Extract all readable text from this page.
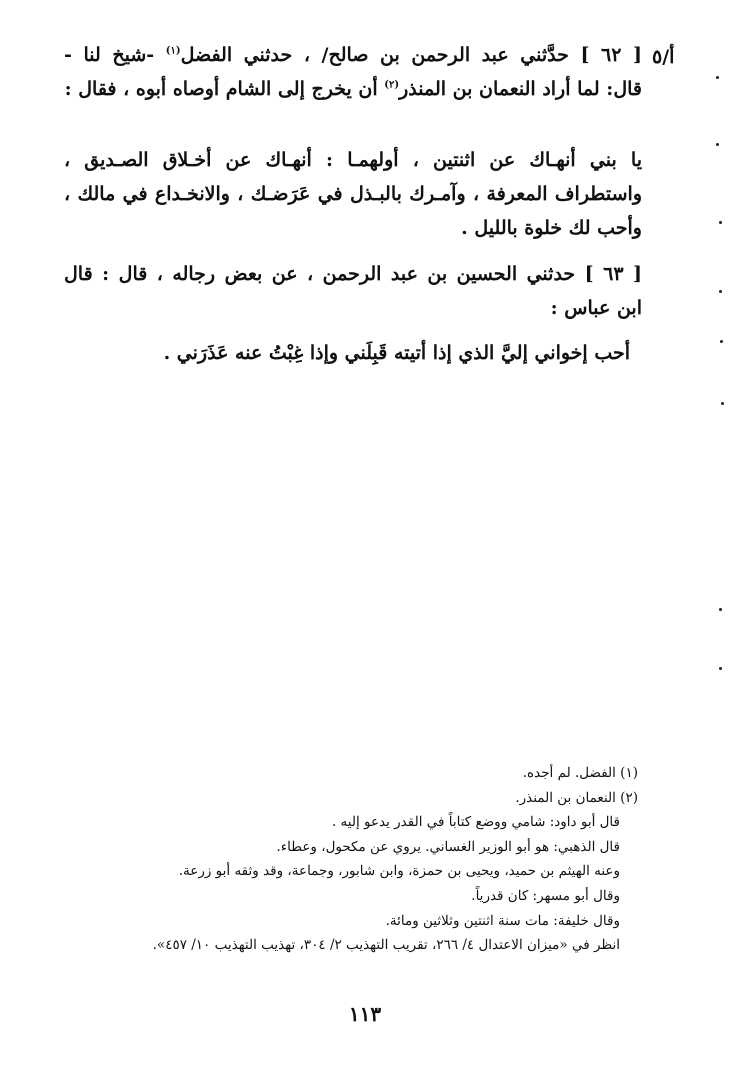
أ/٥
[ ٦٢ ] حدَّثني عبد الرحمن بن صالح/ ، حدثني الفضل$^{(١)}$ -شيخ لنا -
قال: لما أراد النعمان بن المنذر$^{(٢)}$ أن يخرج إلى الشام أوصاه أبوه ، فقال :
يا بني أنهـاك عن اثنتين ، أولهمـا : أنهـاك عن أخـلاق الصـديق ،
واستطراف المعرفة ، وآمـرك بالبـذل في عَرَضـك ، والانخـداع في مالك ،
وأحب لك خلوة بالليل .
[ ٦٣ ] حدثني الحسين بن عبد الرحمن ، عن بعض رجاله ، قال : قال
ابن عباس :
أحب إخواني إليَّ الذي إذا أتيته قَبِلَني وإذا غِبْتُ عنه عَذَرَني .
(١) الفضل. لم أجده.
(٢) النعمان بن المنذر.
قال أبو داود: شامي ووضع كتاباً في القدر يدعو إليه .
قال الذهبي: هو أبو الوزير الغساني. يروي عن مكحول، وعطاء.
وعنه الهيثم بن حميد، ويحيى بن حمزة، وابن شابور، وجماعة، وقد وثقه أبو زرعة.
وقال أبو مسهر: كان قدرياً.
وقال خليفة: مات سنة اثنتين وثلاثين ومائة.
انظر في «ميزان الاعتدال ٤/ ٢٦٦، تقريب التهذيب ٢/ ٣٠٤، تهذيب التهذيب ١٠/ ٤٥٧».
١١٣
